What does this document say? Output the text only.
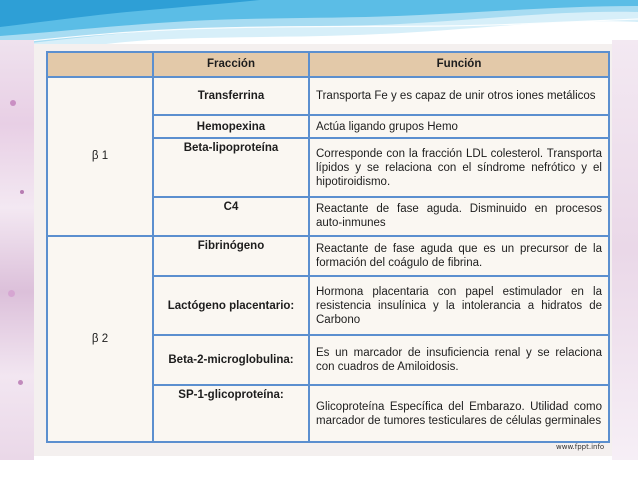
	Fracción	Función
β 1	Transferrina	Transporta Fe y es capaz de unir otros iones metálicos
	Hemopexina	Actúa ligando grupos Hemo
	Beta-lipoproteína	Corresponde con la fracción LDL colesterol. Transporta lípidos y se relaciona con el síndrome nefrótico y el hipotiroidismo.
	C4	Reactante de fase aguda. Disminuido en procesos auto-inmunes
β 2	Fibrinógeno	Reactante de fase aguda que es un precursor de la formación del coágulo de fibrina.
	Lactógeno placentario:	Hormona placentaria con papel estimulador en la resistencia insulínica y la intolerancia a hidratos de Carbono
	Beta-2-microglobulina:	Es un marcador de insuficiencia renal y se relaciona con cuadros de Amiloidosis.
	SP-1-glicoproteína:	Glicoproteína Específica del Embarazo. Utilidad como marcador de tumores testiculares de células germinales
www.fppt.info
